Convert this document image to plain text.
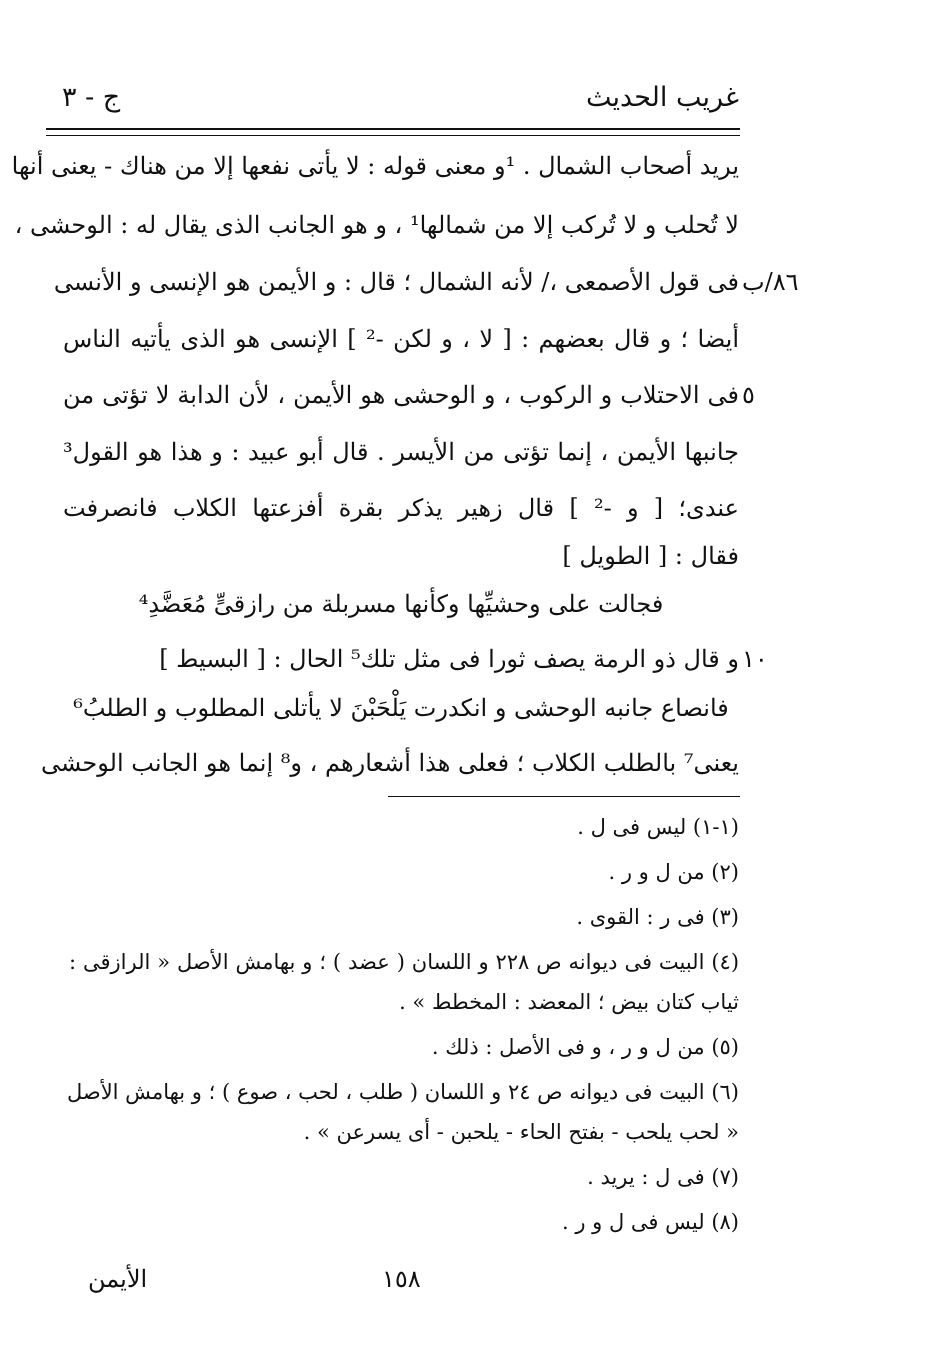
غريب الحديث
ج - ٣
يريد أصحاب الشمال . ¹و معنى قوله : لا يأتى نفعها إلا من هناك - يعنى أنها
لا تُحلب و لا تُركب إلا من شمالها¹ ، و هو الجانب الذى يقال له : الوحشى ،
فى قول الأصمعى ،/ لأنه الشمال ؛ قال : و الأيمن هو الإنسى و الأنسى
أيضا ؛ و قال بعضهم : [ لا ، و لكن -² ] الإنسى هو الذى يأتيه الناس
فى الاحتلاب و الركوب ، و الوحشى هو الأيمن ، لأن الدابة لا تؤتى من
جانبها الأيمن ، إنما تؤتى من الأيسر . قال أبو عبيد : و هذا هو القول³
عندى؛ [ و -² ] قال زهير يذكر بقرة أفزعتها الكلاب فانصرفت
فقال : [ الطويل ]
فجالت على وحشيِّها وكأنها مسربلة من رازقىٍّ مُعَضَّدِ⁴
و قال ذو الرمة يصف ثورا فى مثل تلك⁵ الحال : [ البسيط ]
فانصاع جانبه الوحشى و انكدرت يَلْحَبْنَ لا يأتلى المطلوب و الطلبُ⁶
يعنى⁷ بالطلب الكلاب ؛ فعلى هذا أشعارهم ، و⁸ إنما هو الجانب الوحشى
٨٦/ب
٥
١٠
(١-١) ليس فى ل .
(٢) من ل و ر .
(٣) فى ر : القوى .
(٤) البيت فى ديوانه ص ٢٢٨ و اللسان ( عضد ) ؛ و بهامش الأصل « الرازقى :
ثياب كتان بيض ؛ المعضد : المخطط » .
(٥) من ل و ر ، و فى الأصل : ذلك .
(٦) البيت فى ديوانه ص ٢٤ و اللسان ( طلب ، لحب ، صوع ) ؛ و بهامش الأصل
« لحب يلحب - بفتح الحاء - يلحبن - أى يسرعن » .
(٧) فى ل : يريد .
(٨) ليس فى ل و ر .
١٥٨
الأيمن
